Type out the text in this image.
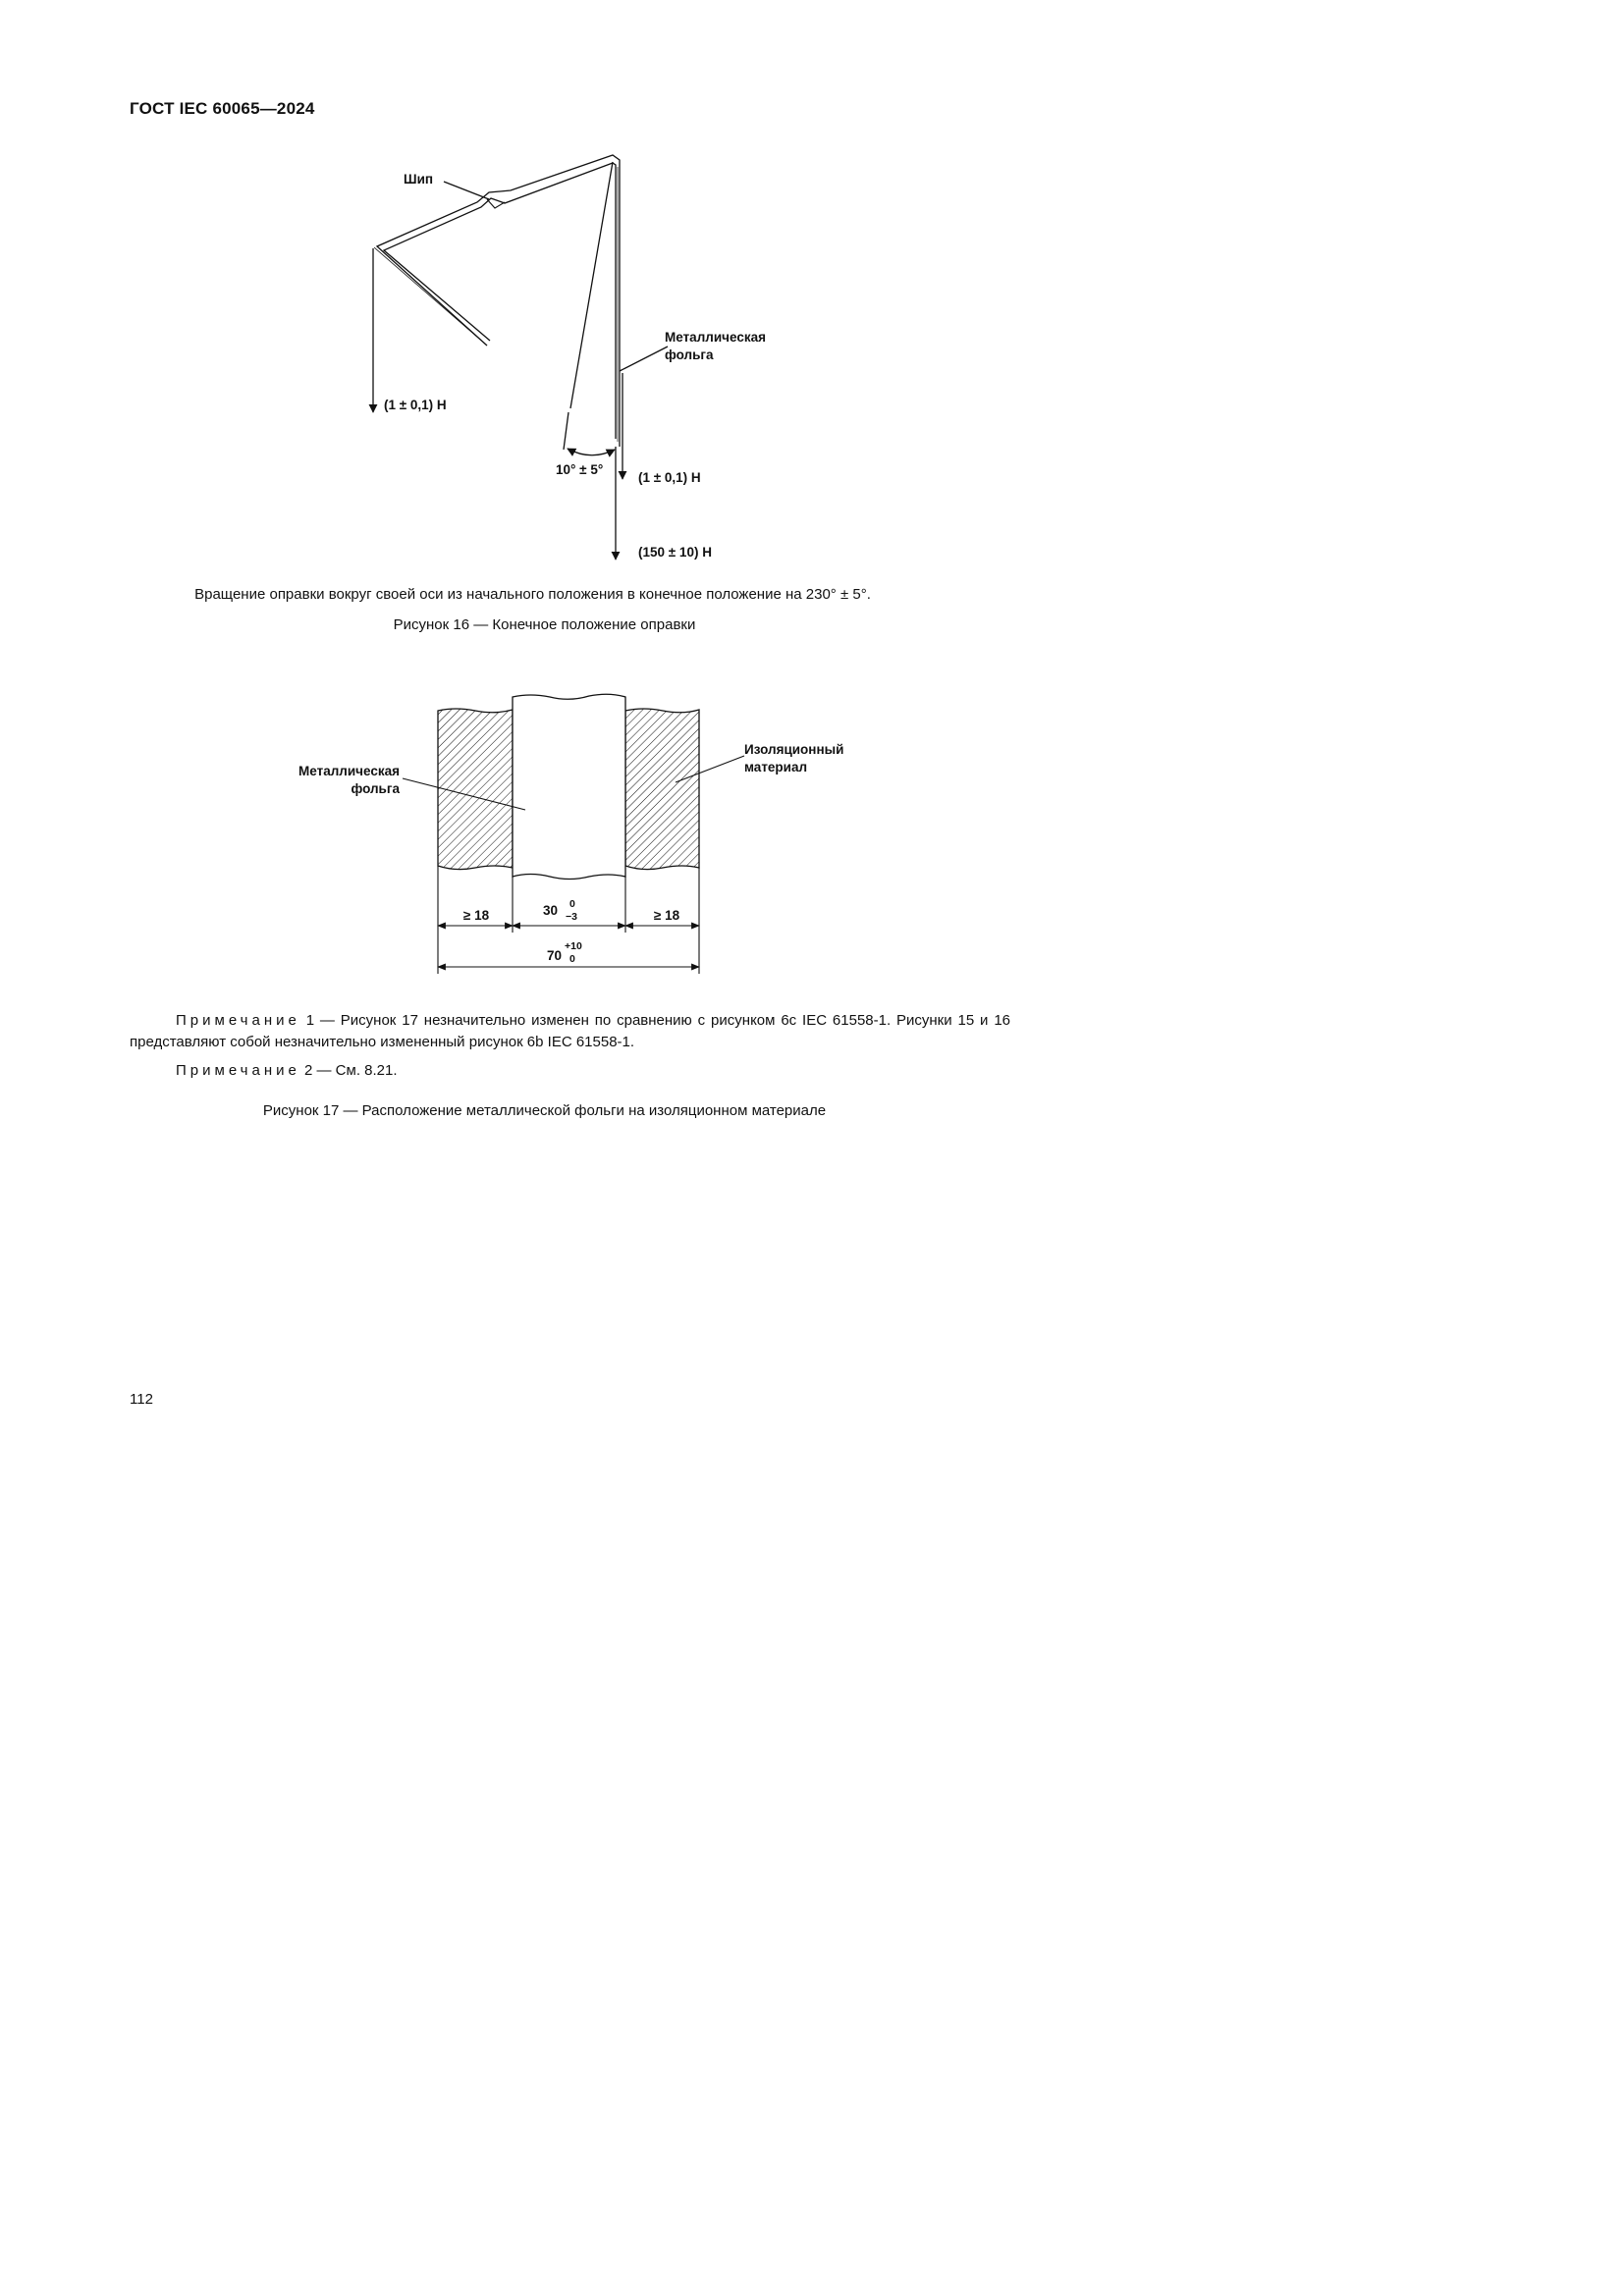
ГОСТ IEC 60065—2024
Шип
Металлическая
фольга
(1 ± 0,1) Н
10° ± 5°
(1 ± 0,1) Н
(150 ± 10) Н
Вращение оправки вокруг своей оси из начального положения в конечное положение на 230° ± 5°.
Рисунок 16 — Конечное положение оправки
Металлическая
фольга
Изоляционный
материал
≥ 18	≥ 18
30 0
−3
70
+10
0
Примечание 1 — Рисунок 17 незначительно изменен по сравнению с рисунком 6c IEC 61558-1. Рисунки 15 и 16 представляют собой незначительно измененный рисунок 6b IEC 61558-1.
Примечание 2 — См. 8.21.
Рисунок 17 — Расположение металлической фольги на изоляционном материале
112
